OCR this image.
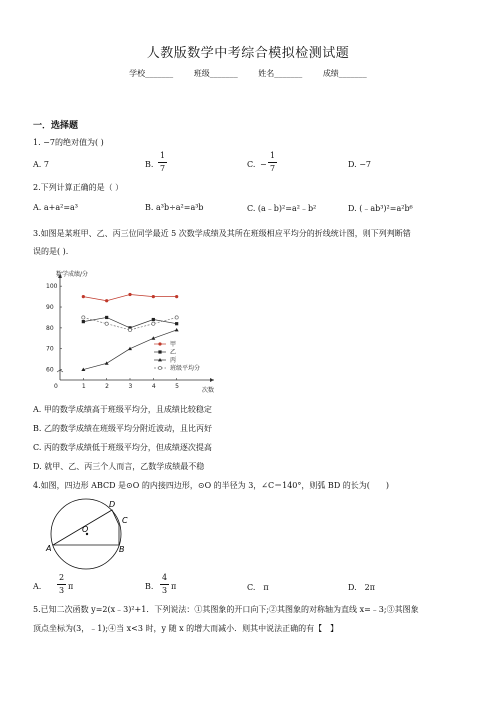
人教版数学中考综合模拟检测试题
学校_______	班级_______	姓名_______	成绩_______
一．选择题
1. −7的绝对值为( )
A. 7	B.
1
7	C. −
1
7	D. −7
2.下列计算正确的是（ ）
A. a+a²=a³	B. a³b÷a²=a³b	C. (a﹣b)²=a²﹣b²	D. (﹣ab³)²=a²b⁶
3.如图是某班甲、乙、丙三位同学最近 5 次数学成绩及其所在班级相应平均分的折线统计图，则下列判断错
误的是( ).
数学成绩/分
次数
0
60
70
80
90
100
1	2	3	4	5
甲
乙
丙
班级平均分
A. 甲的数学成绩高于班级平均分，且成绩比较稳定
B. 乙的数学成绩在班级平均分附近波动，且比丙好
C. 丙的数学成绩低于班级平均分，但成绩逐次提高
D. 就甲、乙、丙三个人而言，乙数学成绩最不稳
4.如图，四边形 ABCD 是⊙O 的内接四边形，⊙O 的半径为 3，∠C＝140°，则弧 BD 的长为(　　)
A
D
C
B
O
A.
2
3 π	B.
4
3 π	C.　π	D.　2π
5.已知二次函数 y=2(x﹣3)²+1．下列说法：①其图象的开口向下;②其图象的对称轴为直线 x=﹣3;③其图象
顶点坐标为(3，﹣1);④当 x<3 时，y 随 x 的增大而减小．则其中说法正确的有【　】
